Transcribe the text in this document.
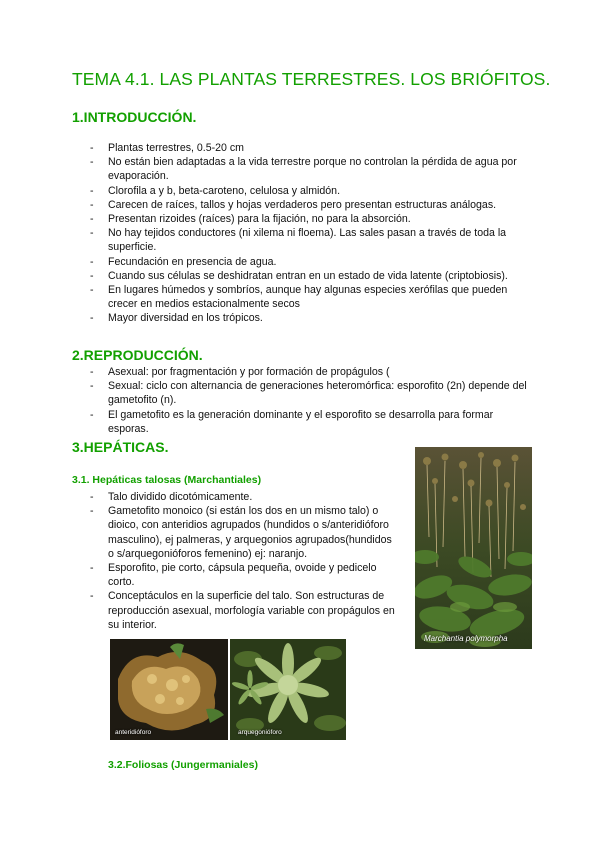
TEMA 4.1. LAS PLANTAS TERRESTRES. LOS BRIÓFITOS.
1.INTRODUCCIÓN.
- Plantas terrestres, 0.5-20 cm
- No están bien adaptadas a la vida terrestre porque no controlan la pérdida de agua por evaporación.
- Clorofila a y b, beta-caroteno, celulosa y almidón.
- Carecen de raíces, tallos y hojas verdaderos pero presentan estructuras análogas.
- Presentan rizoides (raíces) para la fijación, no para la absorción.
- No hay tejidos conductores (ni xilema ni floema). Las sales pasan a través de toda la superficie.
- Fecundación en presencia de agua.
- Cuando sus células se deshidratan entran en un estado de vida latente (criptobiosis).
- En lugares húmedos y sombríos, aunque hay algunas especies xerófilas que pueden crecer en medios estacionalmente secos
- Mayor diversidad en los trópicos.
2.REPRODUCCIÓN.
- Asexual: por fragmentación y por formación de propágulos (
- Sexual: ciclo con alternancia de generaciones heteromórfica: esporofito (2n) depende del gametofito (n).
- El gametofito es la generación dominante y el esporofito se desarrolla para formar esporas.
3.HEPÁTICAS.
3.1. Hepáticas talosas (Marchantiales)
- Talo dividido dicotómicamente.
- Gametofito monoico (si están los dos en un mismo talo) o dioico, con anteridios agrupados (hundidos o s/anteridióforo masculino), ej palmeras, y arquegonios agrupados(hundidos o s/arquegonióforos femenino) ej: naranjo.
- Esporofito, pie corto, cápsula pequeña, ovoide y pedicelo corto.
- Conceptáculos en la superficie del talo. Son estructuras de reproducción asexual, morfología variable con propágulos en su interior.
Marchantia polymorpha
anteridióforo	arquegonióforo
3.2.Foliosas (Jungermaniales)
